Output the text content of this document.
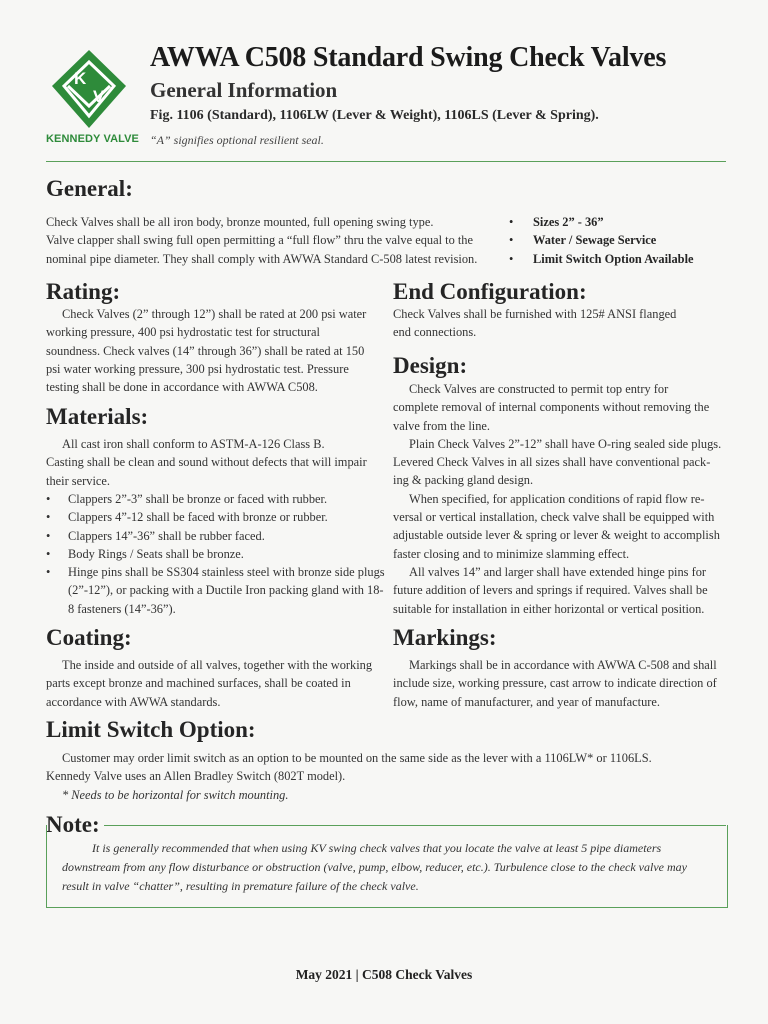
K
V
KENNEDY VALVE
AWWA C508 Standard Swing Check Valves
General Information
Fig. 1106 (Standard), 1106LW (Lever & Weight), 1106LS (Lever & Spring).
“A” signifies optional resilient seal.
General:
Check Valves shall be all iron body, bronze mounted, full opening swing type.
Valve clapper shall swing full open permitting a “full flow” thru the valve equal to the
nominal pipe diameter. They shall comply with AWWA Standard C-508 latest revision.
• Sizes 2” - 36”
• Water / Sewage Service
• Limit Switch Option Available
Rating:
Check Valves (2” through 12”) shall be rated at 200 psi water
working pressure, 400 psi hydrostatic test for structural
soundness. Check valves (14” through 36”) shall be rated at 150
psi water working pressure, 300 psi hydrostatic test. Pressure
testing shall be done in accordance with AWWA C508.
Materials:
All cast iron shall conform to ASTM-A-126 Class B.
Casting shall be clean and sound without defects that will impair
their service.
• Clappers 2”-3” shall be bronze or faced with rubber.
• Clappers 4”-12 shall be faced with bronze or rubber.
• Clappers 14”-36” shall be rubber faced.
• Body Rings / Seats shall be bronze.
• Hinge pins shall be SS304 stainless steel with bronze side plugs (2”-12”), or packing with a Ductile Iron packing gland with 18-8 fasteners (14”-36”).
Coating:
The inside and outside of all valves, together with the working
parts except bronze and machined surfaces, shall be coated in
accordance with AWWA standards.
End Configuration:
Check Valves shall be furnished with 125# ANSI flanged
end connections.
Design:
Check Valves are constructed to permit top entry for
complete removal of internal components without removing the
valve from the line.
Plain Check Valves 2”-12” shall have O-ring sealed side plugs.
Levered Check Valves in all sizes shall have conventional pack-
ing & packing gland design.
When specified, for application conditions of rapid flow re-
versal or vertical installation, check valve shall be equipped with
adjustable outside lever & spring or lever & weight to accomplish
faster closing and to minimize slamming effect.
All valves 14” and larger shall have extended hinge pins for
future addition of levers and springs if required. Valves shall be
suitable for installation in either horizontal or vertical position.
Markings:
Markings shall be in accordance with AWWA C-508 and shall
include size, working pressure, cast arrow to indicate direction of
flow, name of manufacturer, and year of manufacture.
Limit Switch Option:
Customer may order limit switch as an option to be mounted on the same side as the lever with a 1106LW* or 1106LS.
Kennedy Valve uses an Allen Bradley Switch (802T model).
* Needs to be horizontal for switch mounting.
Note:
It is generally recommended that when using KV swing check valves that you locate the valve at least 5 pipe diameters downstream from any flow disturbance or obstruction (valve, pump, elbow, reducer, etc.). Turbulence close to the check valve may result in valve “chatter”, resulting in premature failure of the check valve.
May 2021 | C508 Check Valves
